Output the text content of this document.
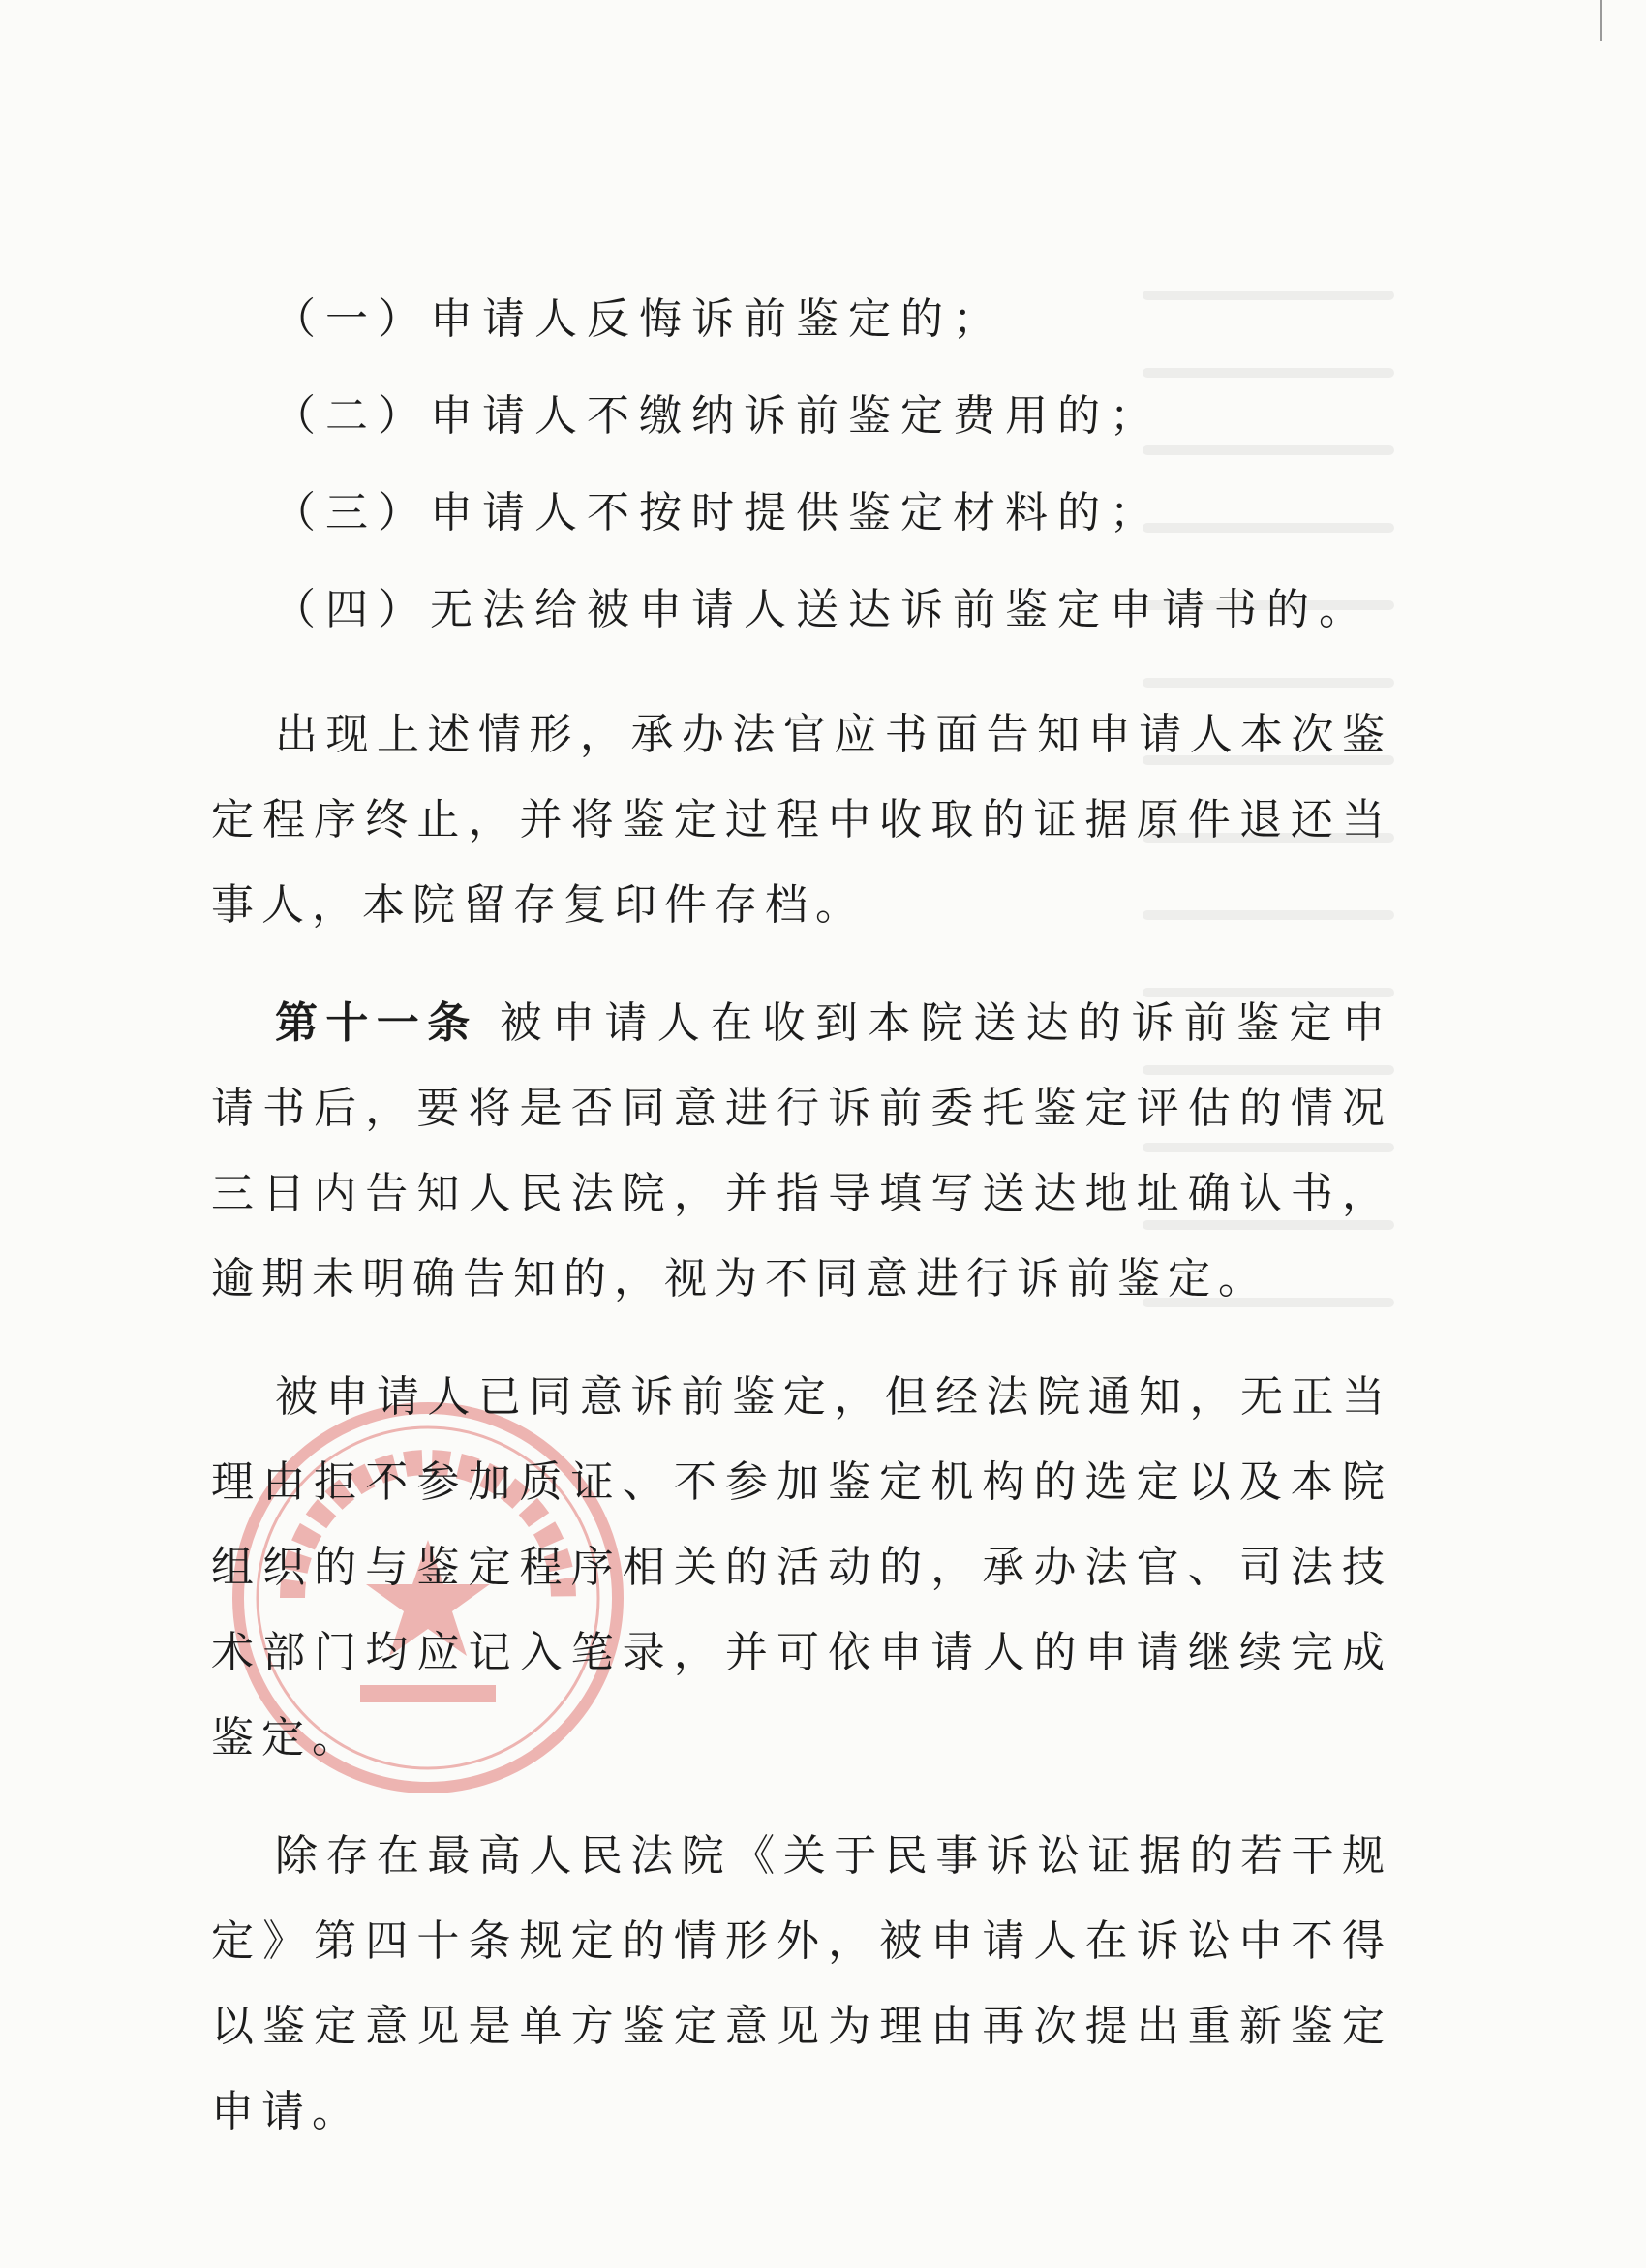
（一）申请人反悔诉前鉴定的；
（二）申请人不缴纳诉前鉴定费用的；
（三）申请人不按时提供鉴定材料的；
（四）无法给被申请人送达诉前鉴定申请书的。

出现上述情形，承办法官应书面告知申请人本次鉴定程序终止，并将鉴定过程中收取的证据原件退还当事人，本院留存复印件存档。

第十一条 被申请人在收到本院送达的诉前鉴定申请书后，要将是否同意进行诉前委托鉴定评估的情况三日内告知人民法院，并指导填写送达地址确认书，逾期未明确告知的，视为不同意进行诉前鉴定。

被申请人已同意诉前鉴定，但经法院通知，无正当理由拒不参加质证、不参加鉴定机构的选定以及本院组织的与鉴定程序相关的活动的，承办法官、司法技术部门均应记入笔录，并可依申请人的申请继续完成鉴定。

除存在最高人民法院《关于民事诉讼证据的若干规定》第四十条规定的情形外，被申请人在诉讼中不得以鉴定意见是单方鉴定意见为理由再次提出重新鉴定申请。
